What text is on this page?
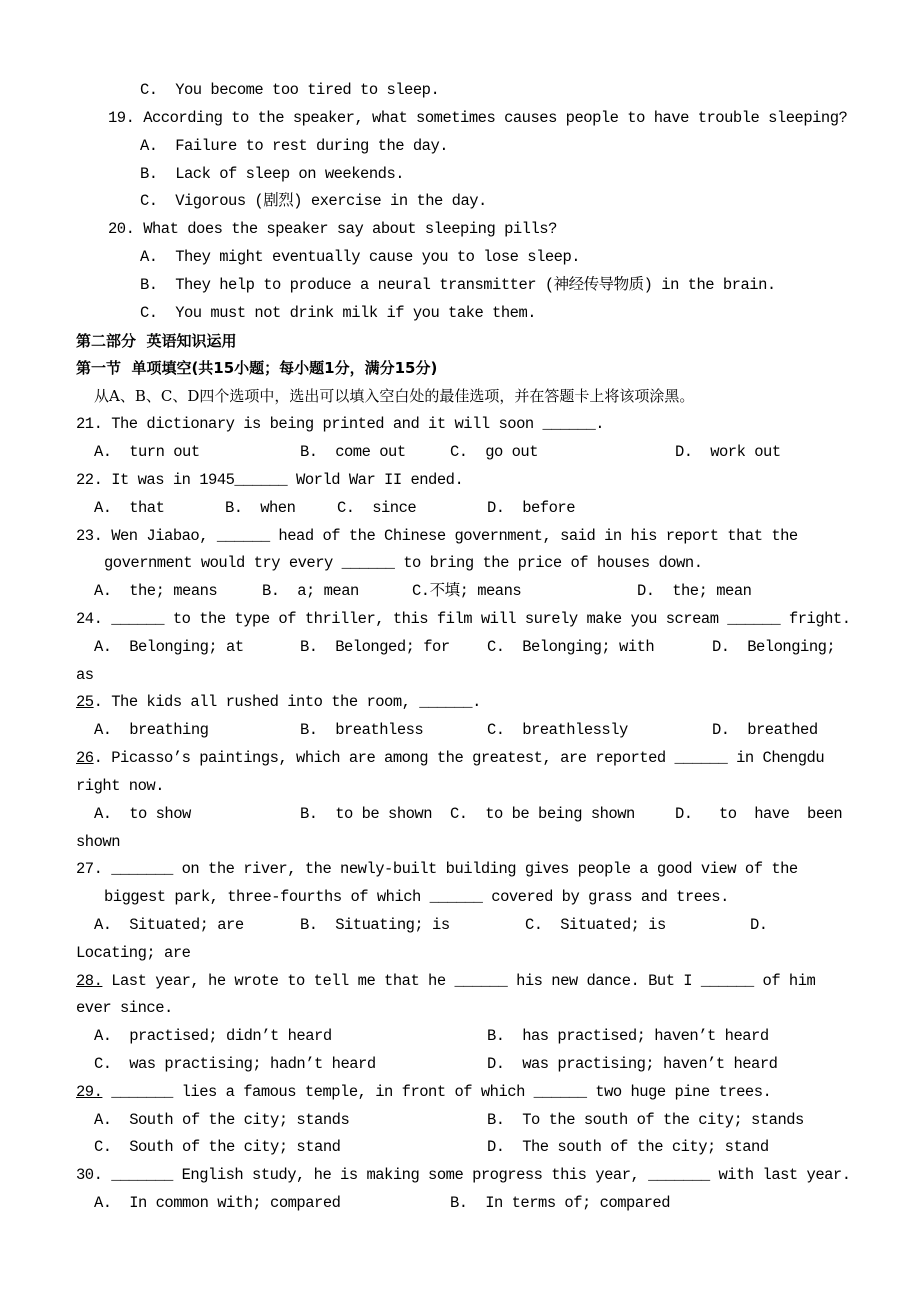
C.  You become too tired to sleep.
19. According to the speaker, what sometimes causes people to have trouble sleeping?
A.  Failure to rest during the day.
B.  Lack of sleep on weekends.
C.  Vigorous (剧烈) exercise in the day.
20. What does the speaker say about sleeping pills?
A.  They might eventually cause you to lose sleep.
B.  They help to produce a neural transmitter (神经传导物质) in the brain.
C.  You must not drink milk if you take them.
第二部分  英语知识运用
第一节  单项填空(共15小题；每小题1分，满分15分)
从A、B、C、D四个选项中，选出可以填入空白处的最佳选项，并在答题卡上将该项涂黑。
21. The dictionary is being printed and it will soon ______.
A.  turn out	B.  come out	C.  go out	D.  work out
22. It was in 1945______ World War II ended.
A.  that	B.  when	C.  since	D.  before
23. Wen Jiabao, ______ head of the Chinese government, said in his report that the
government would try every ______ to bring the price of houses down.
A.  the; means	B.  a; mean	C.不填; means	D.  the; mean
24. ______ to the type of thriller, this film will surely make you scream ______ fright.
A.  Belonging; at	B.  Belonged; for C.  Belonging; with	D.  Belonging;
as
25. The kids all rushed into the room, ______.
A.  breathing	B.  breathless	C.  breathlessly	D.  breathed
26. Picasso’s paintings, which are among the greatest, are reported ______ in Chengdu
right now.
A.  to show	B.  to be shown C.  to be being shown	D.   to  have  been
shown
27. _______ on the river, the newly-built building gives people a good view of the
biggest park, three-fourths of which ______ covered by grass and trees.
A.  Situated; are	B.  Situating; is	C.  Situated; is	D.
Locating; are
28. Last year, he wrote to tell me that he ______ his new dance. But I ______ of him
ever since.
A.  practised; didn’t heard	B.  has practised; haven’t heard
C.  was practising; hadn’t heard	D.  was practising; haven’t heard
29. _______ lies a famous temple, in front of which ______ two huge pine trees.
A.  South of the city; stands	B.  To the south of the city; stands
C.  South of the city; stand	D.  The south of the city; stand
30. _______ English study, he is making some progress this year, _______ with last year.
A.  In common with; compared	B.  In terms of; compared
